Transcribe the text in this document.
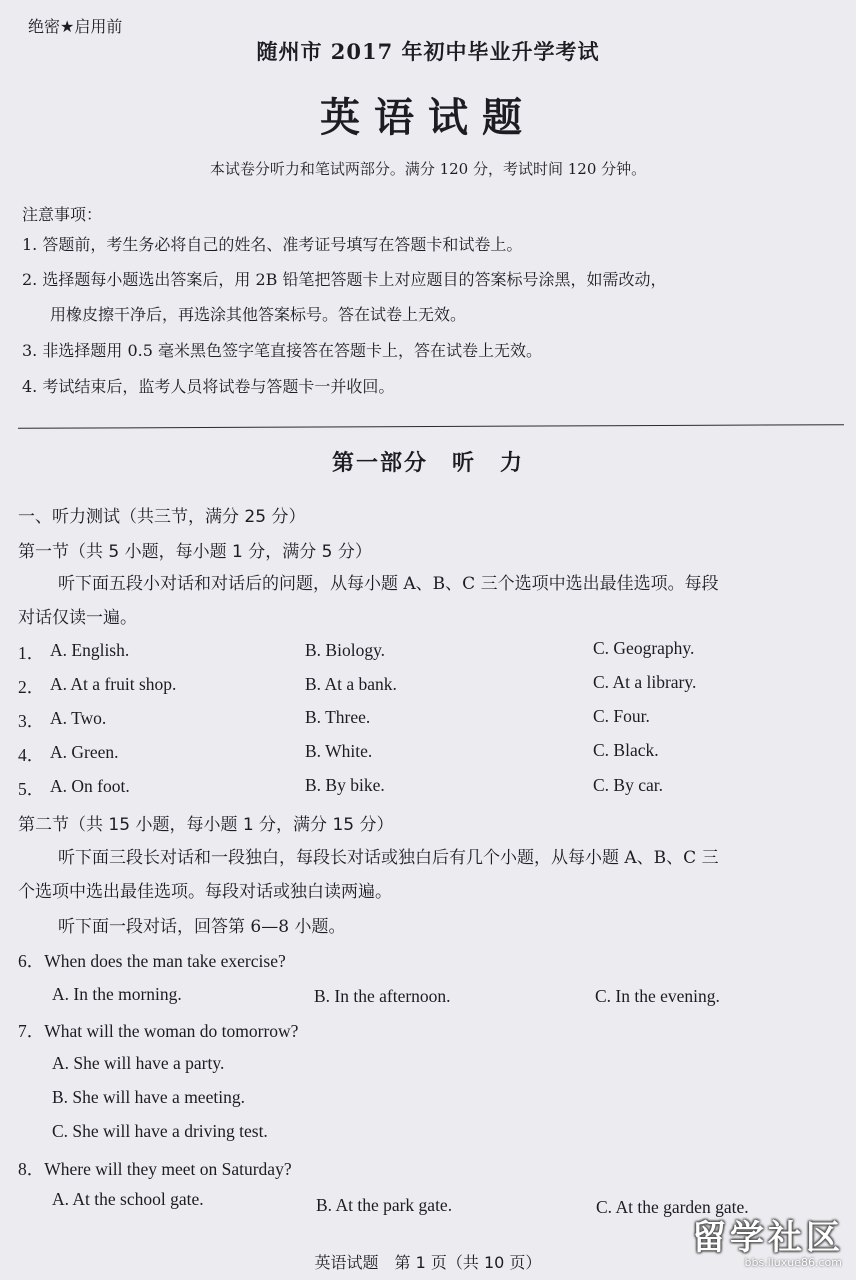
绝密★启用前
随州市 2017 年初中毕业升学考试
英语试题
本试卷分听力和笔试两部分。满分 120 分，考试时间 120 分钟。
注意事项：
1. 答题前，考生务必将自己的姓名、准考证号填写在答题卡和试卷上。
2. 选择题每小题选出答案后，用 2B 铅笔把答题卡上对应题目的答案标号涂黑，如需改动，
用橡皮擦干净后，再选涂其他答案标号。答在试卷上无效。
3. 非选择题用 0.5 毫米黑色签字笔直接答在答题卡上，答在试卷上无效。
4. 考试结束后，监考人员将试卷与答题卡一并收回。
第一部分　听　力
一、听力测试（共三节，满分 25 分）
第一节（共 5 小题，每小题 1 分，满分 5 分）
听下面五段小对话和对话后的问题，从每小题 A、B、C 三个选项中选出最佳选项。每段
对话仅读一遍。
1． A. English.	B. Biology.	C. Geography.
2． A. At a fruit shop.	B. At a bank.	C. At a library.
3． A. Two.	B. Three.	C. Four.
4． A. Green.	B. White.	C. Black.
5． A. On foot.	B. By bike.	C. By car.
第二节（共 15 小题，每小题 1 分，满分 15 分）
听下面三段长对话和一段独白，每段长对话或独白后有几个小题，从每小题 A、B、C 三
个选项中选出最佳选项。每段对话或独白读两遍。
听下面一段对话，回答第 6—8 小题。
6．When does the man take exercise?
A. In the morning.	B. In the afternoon.	C. In the evening.
7．What will the woman do tomorrow?
A. She will have a party.
B. She will have a meeting.
C. She will have a driving test.
8．Where will they meet on Saturday?
A. At the school gate.	B. At the park gate.	C. At the garden gate.
英语试题　第 1 页（共 10 页）
留学社区
bbs.liuxue86.com
